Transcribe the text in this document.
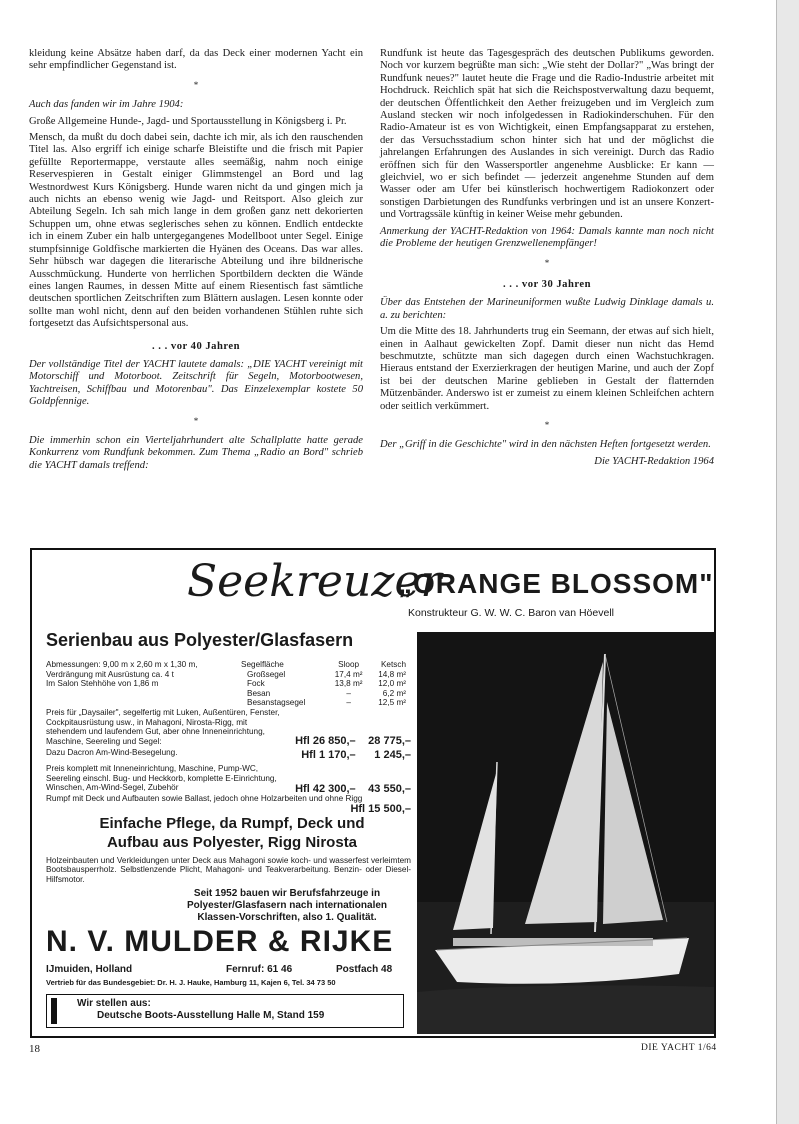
kleidung keine Absätze haben darf, da das Deck einer modernen Yacht ein sehr empfindlicher Gegenstand ist.

*

Auch das fanden wir im Jahre 1904:

Große Allgemeine Hunde-, Jagd- und Sportausstellung in Königsberg i. Pr.

Mensch, da mußt du doch dabei sein, dachte ich mir, als ich den rauschenden Titel las. Also ergriff ich einige scharfe Bleistifte und die frisch mit Papier gefüllte Reportermappe, verstaute alles seemäßig, nahm noch einige Reservespieren in Gestalt einiger Glimmstengel an Bord und lag Westnordwest Kurs Königsberg. Hunde waren nicht da und gingen mich ja auch nichts an ebenso wenig wie Jagd- und Reitsport. Also gleich zur Abteilung Segeln. Ich sah mich lange in dem großen ganz nett dekorierten Schuppen um, ohne etwas seglerisches sehen zu können. Endlich entdeckte ich in einem Zuber ein halb untergegangenes Modellboot unter Segel. Einige stumpfsinnige Goldfische markierten die Hyänen des Oceans. Das war alles. Sehr hübsch war dagegen die literarische Abteilung und ihre bildnerische Ausschmückung. Hunderte von herrlichen Sportbildern deckten die Wände eines langen Raumes, in dessen Mitte auf einem Riesentisch fast sämtliche deutschen sportlichen Zeitschriften zum Blättern auslagen. Lesen konnte oder sollte man wohl nicht, denn auf den beiden vorhandenen Stühlen ruhte sich fortgesetzt das Aufsichtspersonal aus.

. . . vor 40 Jahren

Der vollständige Titel der YACHT lautete damals: „DIE YACHT vereinigt mit Motorschiff und Motorboot. Zeitschrift für Segeln, Motorbootwesen, Yachtreisen, Schiffbau und Motorenbau". Das Einzelexemplar kostete 50 Goldpfennige.

*

Die immerhin schon ein Vierteljahrhundert alte Schallplatte hatte gerade Konkurrenz vom Rundfunk bekommen. Zum Thema „Radio an Bord" schrieb die YACHT damals treffend:

Rundfunk ist heute das Tagesgespräch des deutschen Publikums geworden. Noch vor kurzem begrüßte man sich: „Wie steht der Dollar?" „Was bringt der Rundfunk neues?" lautet heute die Frage und die Radio-Industrie arbeitet mit Hochdruck. Reichlich spät hat sich die Reichspostverwaltung dazu bequemt, der deutschen Öffentlichkeit den Aether freizugeben und im Vergleich zum Ausland stecken wir noch infolgedessen in Radiokinderschuhen. Für den Radio-Amateur ist es von Wichtigkeit, einen Empfangsapparat zu erstehen, der das Versuchsstadium schon hinter sich hat und der möglichst die jahrelangen Erfahrungen des Auslandes in sich vereinigt. Durch das Radio eröffnen sich für den Wassersportler angenehme Ausblicke: Er kann — gleichviel, wo er sich befindet — jederzeit angenehme Stunden auf dem Wasser oder am Ufer bei künstlerisch hochwertigem Radiokonzert oder sonstigen Darbietungen des Rundfunks verbringen und ist an unsere Konzert- und Vortragssäle künftig in keiner Weise mehr gebunden.

Anmerkung der YACHT-Redaktion von 1964: Damals kannte man noch nicht die Probleme der heutigen Grenzwellenempfänger!

*
. . . vor 30 Jahren

Über das Entstehen der Marineuniformen wußte Ludwig Dinklage damals u. a. zu berichten:

Um die Mitte des 18. Jahrhunderts trug ein Seemann, der etwas auf sich hielt, einen in Aalhaut gewickelten Zopf. Damit dieser nun nicht das Hemd beschmutzte, schützte man sich dagegen durch einen Wachstuchkragen. Hieraus entstand der Exerzierkragen der heutigen Marine, und auch der Zopf ist bei der deutschen Marine geblieben in Gestalt der flatternden Mützenbänder. Anderswo ist er zumeist zu einem kleinen Schleifchen achtern oder seitlich verkümmert.

*

Der „Griff in die Geschichte" wird in den nächsten Heften fortgesetzt werden.

Die YACHT-Redaktion 1964

Seekreuzer
„ORANGE BLOSSOM"
Konstrukteur G. W. W. C. Baron van Höevell
Serienbau aus Polyester/Glasfasern
Abmessungen: 9,00 m x 2,60 m x 1,30 m,
Verdrängung mit Ausrüstung ca. 4 t
Im Salon Stehhöhe von 1,86 m	Segelfläche	Sloop	Ketsch
	Großsegel	17,4 m²	14,8 m²
	Fock	13,8 m²	12,0 m²
	Besan	–	6,2 m²
	Besanstagsegel	–	12,5 m²
Preis für „Daysailer", segelfertig mit Luken, Außentüren, Fenster, Cockpitausrüstung usw., in Mahagoni, Nirosta-Rigg, mit stehendem und laufendem Gut, aber ohne Inneneinrichtung, Maschine, Seereling und Segel:	Hfl 26 850,– 28 775,–
Dazu Dacron Am-Wind-Besegelung.	Hfl 1 170,– 1 245,–
Preis komplett mit Inneneinrichtung, Maschine, Pump-WC, Seereling einschl. Bug- und Heckkorb, komplette E-Einrichtung, Winschen, Am-Wind-Segel, Zubehör	Hfl 42 300,– 43 550,–
Rumpf mit Deck und Aufbauten sowie Ballast, jedoch ohne Holzarbeiten und ohne Rigg
Hfl 15 500,–
Einfache Pflege, da Rumpf, Deck und
Aufbau aus Polyester, Rigg Nirosta
Holzeinbauten und Verkleidungen unter Deck aus Mahagoni sowie koch- und wasserfest verleimtem Bootsbausperrholz. Selbstlenzende Plicht, Mahagoni- und Teakverarbeitung. Benzin- oder Diesel-Hilfsmotor.
Seit 1952 bauen wir Berufsfahrzeuge in
Polyester/Glasfasern nach internationalen
Klassen-Vorschriften, also 1. Qualität.
N. V. MULDER & RIJKE
IJmuiden, Holland	Fernruf: 61 46	Postfach 48
Vertrieb für das Bundesgebiet: Dr. H. J. Hauke, Hamburg 11, Kajen 6, Tel. 34 73 50
Wir stellen aus:
Deutsche Boots-Ausstellung Halle M, Stand 159
18	DIE YACHT 1/64
